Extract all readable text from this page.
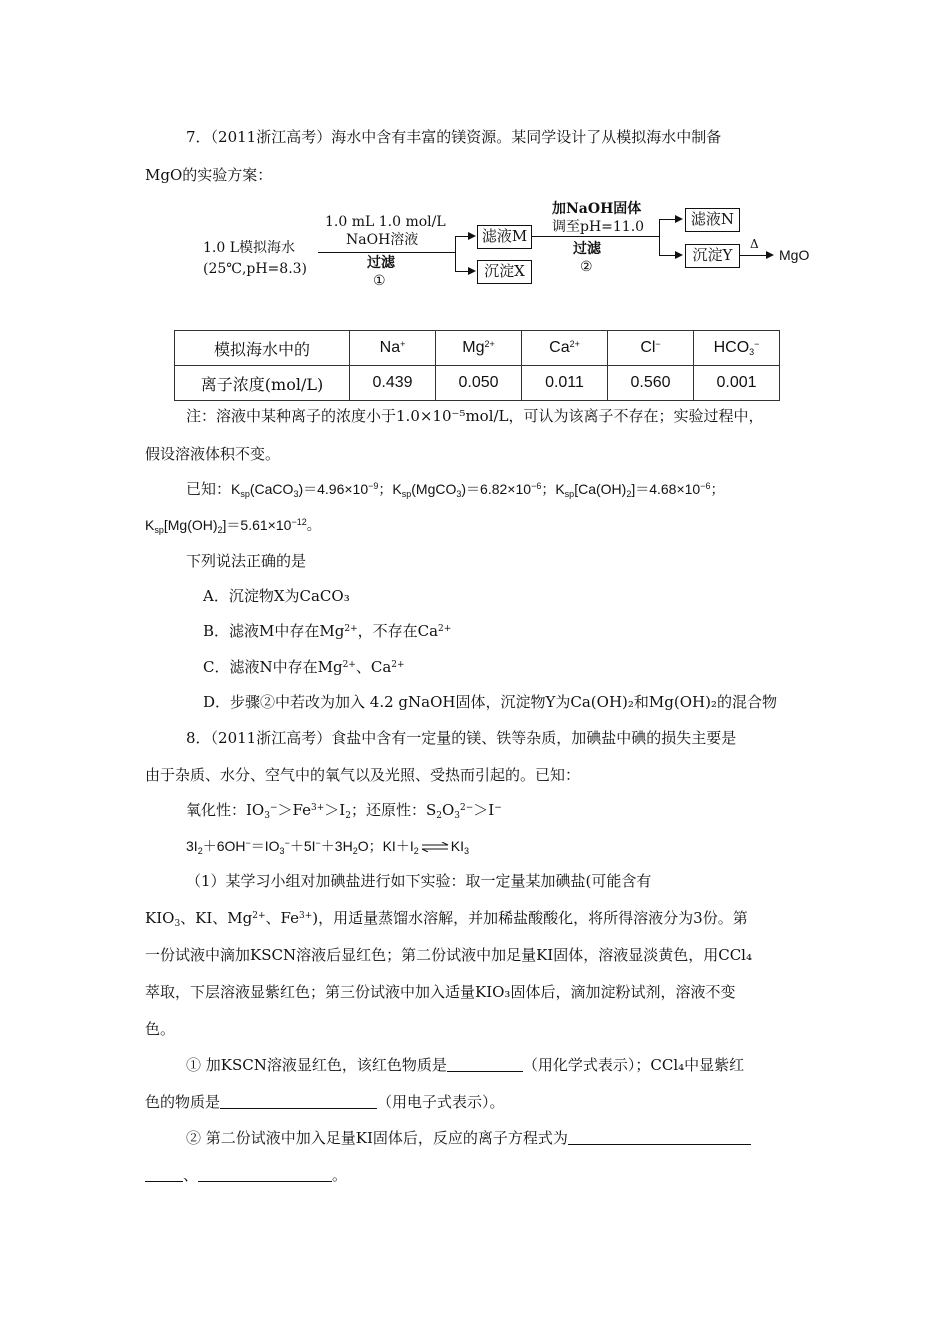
7．（2011浙江高考）海水中含有丰富的镁资源。某同学设计了从模拟海水中制备
MgO的实验方案：
1.0 L模拟海水
(25℃,pH=8.3)
1.0 mL 1.0 mol/L
NaOH溶液
过滤
①
滤液M
沉淀X
加NaOH固体
调至pH=11.0
过滤
②
滤液N
沉淀Y
Δ
MgO
模拟海水中的	Na+	$Mg^{2+}$	$Ca^{2+}$	Cl−	$HCO_3^-$
离子浓度(mol/L)	0.439	0.050	0.011	0.560	0.001
注：溶液中某种离子的浓度小于1.0×10⁻⁵mol/L，可认为该离子不存在；实验过程中，
假设溶液体积不变。
已知：$K_{sp}(CaCO_3)=4.96\times 10^{-9}$；$K_{sp}(MgCO_3)=6.82\times 10^{-6}$；$K_{sp}[Ca(OH)_2]=4.68\times 10^{-6}$；
$K_{sp}[Mg(OH)_2]=5.61\times 10^{-12}$。
下列说法正确的是
A．沉淀物X为CaCO₃
B．滤液M中存在$Mg^{2+}$，不存在$Ca^{2+}$
C．滤液N中存在$Mg^{2+}$、$Ca^{2+}$
D．步骤②中若改为加入 4.2 gNaOH固体，沉淀物Y为Ca(OH)₂和Mg(OH)₂的混合物
8．（2011浙江高考）食盐中含有一定量的镁、铁等杂质，加碘盐中碘的损失主要是
由于杂质、水分、空气中的氧气以及光照、受热而引起的。已知：
氧化性：$IO_3^->Fe^{3+}>I_2$；还原性：$S_2O_3^{2-}>I^-$
$3I_2+6OH^-=IO_3^-+5I^-+3H_2O$；$KI+I_2$ ⇌ $KI_3$
（1）某学习小组对加碘盐进行如下实验：取一定量某加碘盐(可能含有
$KIO_3$、KI、$Mg^{2+}$、$Fe^{3+}$)，用适量蒸馏水溶解，并加稀盐酸酸化，将所得溶液分为3份。第
一份试液中滴加KSCN溶液后显红色；第二份试液中加足量KI固体，溶液显淡黄色，用CCl₄
萃取，下层溶液显紫红色；第三份试液中加入适量KIO₃固体后，滴加淀粉试剂，溶液不变
色。
① 加KSCN溶液显红色，该红色物质是	（用化学式表示）；CCl₄中显紫红
色的物质是	（用电子式表示）。
② 第二份试液中加入足量KI固体后，反应的离子方程式为
、	。
